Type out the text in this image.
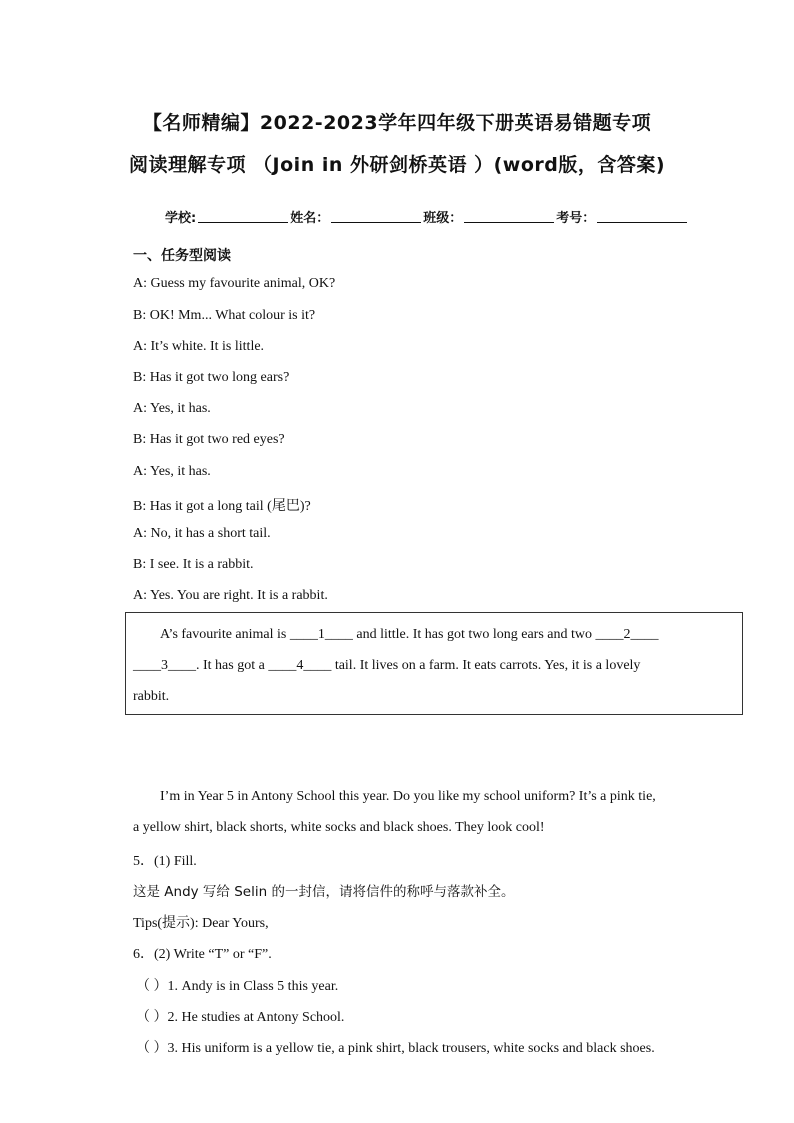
【名师精编】2022-2023学年四年级下册英语易错题专项
阅读理解专项 （Join in 外研剑桥英语 ）(word版，含答案)
学校:	姓名：	班级：	考号：
一、任务型阅读
A: Guess my favourite animal, OK?
B: OK! Mm... What colour is it?
A: It’s white. It is little.
B: Has it got two long ears?
A: Yes, it has.
B: Has it got two red eyes?
A: Yes, it has.
B: Has it got a long tail (尾巴)?
A: No, it has a short tail.
B: I see. It is a rabbit.
A: Yes. You are right. It is a rabbit.
A’s favourite animal is ____1____ and little. It has got two long ears and two ____2____
____3____. It has got a ____4____ tail. It lives on a farm. It eats carrots. Yes, it is a lovely
rabbit.
I’m in Year 5 in Antony School this year. Do you like my school uniform? It’s a pink tie,
a yellow shirt, black shorts, white socks and black shoes. They look cool!
5．(1) Fill.
这是 Andy 写给 Selin 的一封信，请将信件的称呼与落款补全。
Tips(提示): Dear Yours,
6．(2) Write “T” or “F”.
（ ）1. Andy is in Class 5 this year.
（ ）2. He studies at Antony School.
（ ）3. His uniform is a yellow tie, a pink shirt, black trousers, white socks and black shoes.
